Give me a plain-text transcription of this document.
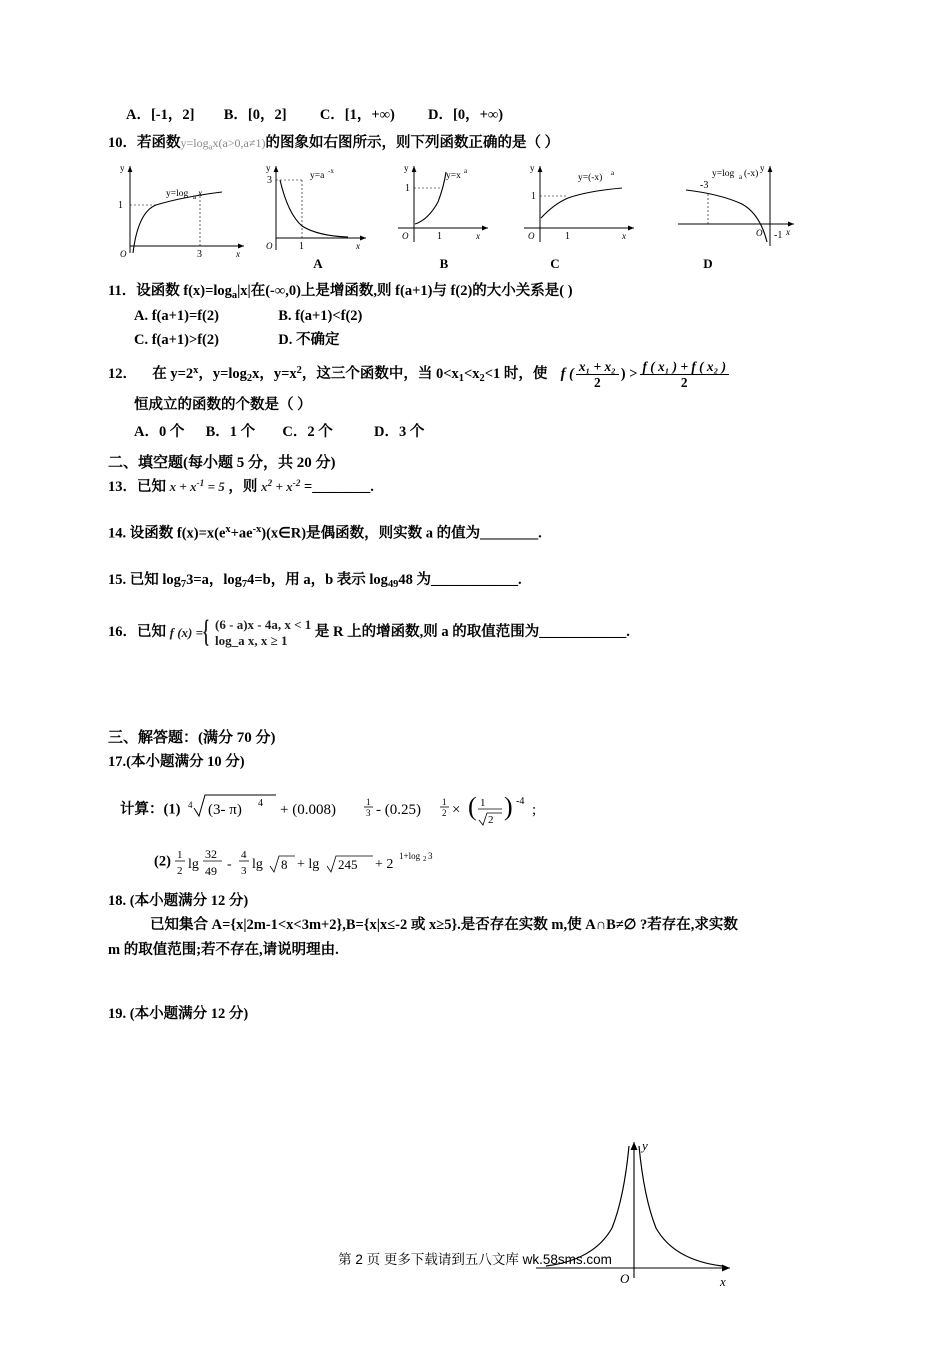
A．[-1，2] B．[0，2] C．[1，+∞) D．[0，+∞)
10．若函数$y=\log_ax(a>0,a\ne 1)$的图象如右图所示，则下列函数正确的是（ ）
1
y
3	x
O
y=log a x
3
y
1	x
O
y=a -x
A
1
y
1	x
O
y=x a
B
1
y
1	x
O
y=(-x) a
C
-3
y
-1 x
O
y=log a (-x)
D
11．设函数 $f(x)=\log_a|x|$在(-∞,0)上是增函数,则 f(a+1)与 f(2)的大小关系是( )
A. f(a+1)=f(2)	B. f(a+1)<f(2)
C. f(a+1)>f(2)	D. 不确定
12． 在 $y=2^x$，$y=\log_2x$，$y=x^2$，这三个函数中，当 $0<x_1<x_2<1$ 时，使 f ( $\frac{\text{x₁ + x₂}}{2}$ ) > $\frac{\text{f ( x₁ ) + f ( x₂ )}}{2}$
恒成立的函数的个数是（ ）
A．0 个 B．1 个 C．2 个	D．3 个
二、填空题(每小题 5 分，共 20 分)
13．已知 $x + x^{-1} = 5$ ，则 $x^2 + x^{-2}$ =________.
14. 设函数 $f(x)=x(e^x+ae^{-x})(x\in R)$是偶函数，则实数 a 的值为________.
15. 已知 $\log_73=a$，$\log_74=b$，用 a，b 表示 $\log_{49}48$ 为____________.
16．已知 f (x) =
{ (6 - a)x - 4a, x < 1
log_a x, x ≥ 1
是 R 上的增函数,则 a 的取值范围为____________.
三、解答题：(满分 70 分)
17.(本小题满分 10 分)
计算：(1) 4 (3- π) 4 + (0.008)	1
3 - (0.25) 1
2 × ( 1
2 ) -4
;
(2) 1
2 lg
32
49 -
4
3 lg 8 + lg 245 + 2
1+log 2 3
18. (本小题满分 12 分)
已知集合 A={x|2m-1<x<3m+2},B={x|x≤-2 或 x≥5}.是否存在实数 m,使 A∩B≠∅ ?若存在,求实数
m 的取值范围;若不存在,请说明理由.
19. (本小题满分 12 分)
y
x
O
第 2 页 更多下载请到五八文库 wk.58sms.com
